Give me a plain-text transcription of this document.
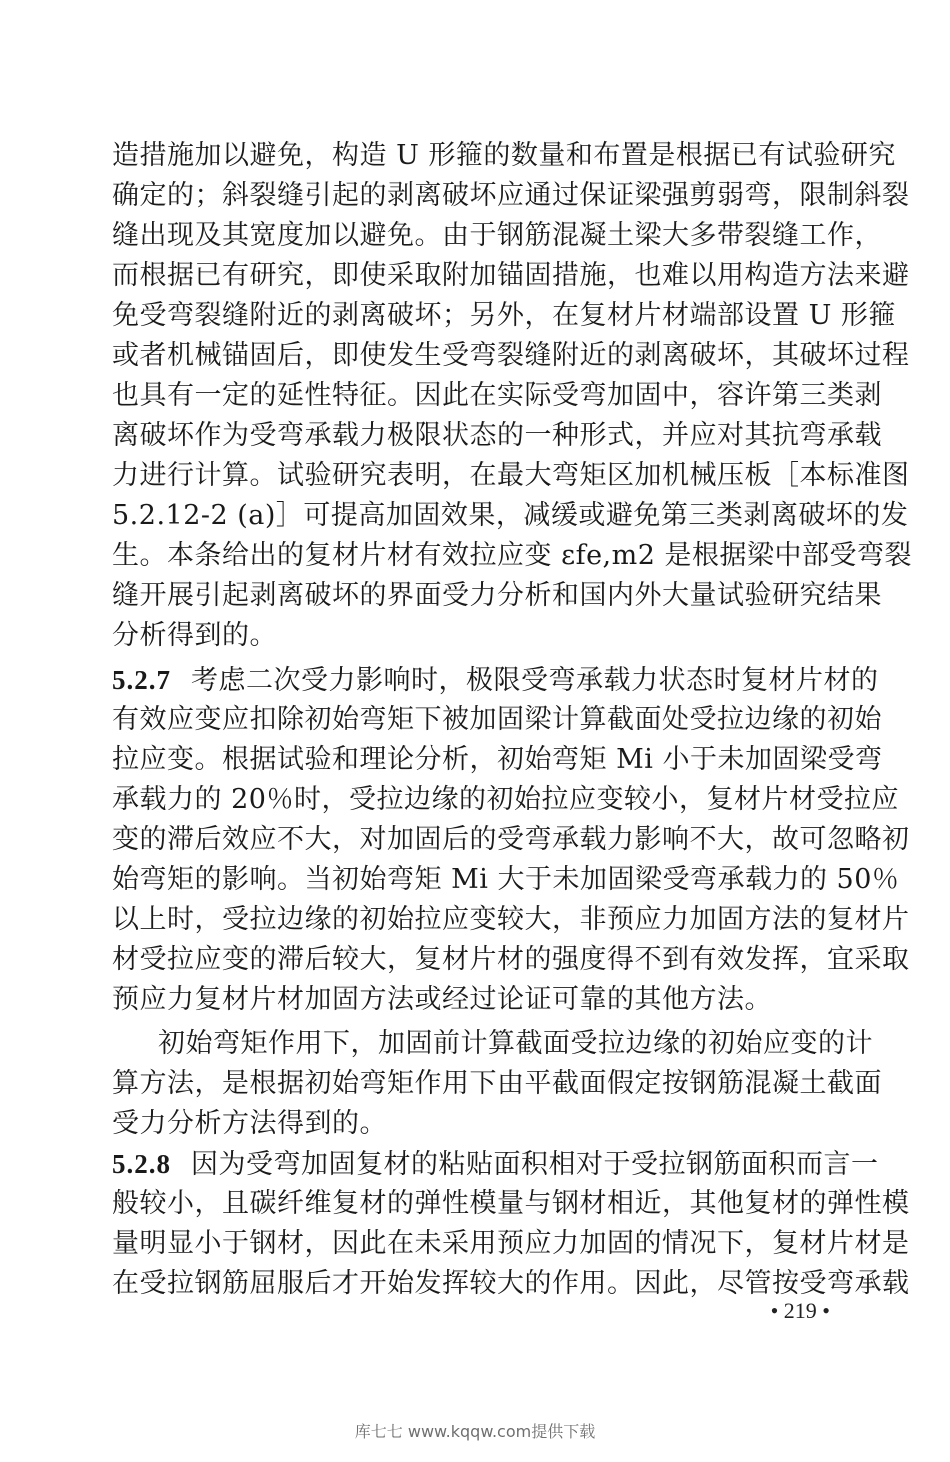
造措施加以避免，构造 U 形箍的数量和布置是根据已有试验研究
确定的；斜裂缝引起的剥离破坏应通过保证梁强剪弱弯，限制斜裂
缝出现及其宽度加以避免。由于钢筋混凝土梁大多带裂缝工作，
而根据已有研究，即使采取附加锚固措施，也难以用构造方法来避
免受弯裂缝附近的剥离破坏；另外，在复材片材端部设置 U 形箍
或者机械锚固后，即使发生受弯裂缝附近的剥离破坏，其破坏过程
也具有一定的延性特征。因此在实际受弯加固中，容许第三类剥
离破坏作为受弯承载力极限状态的一种形式，并应对其抗弯承载
力进行计算。试验研究表明，在最大弯矩区加机械压板［本标准图
5.2.12-2 (a)］可提高加固效果，减缓或避免第三类剥离破坏的发
生。本条给出的复材片材有效拉应变 εfe,m2 是根据梁中部受弯裂
缝开展引起剥离破坏的界面受力分析和国内外大量试验研究结果
分析得到的。
5.2.7 考虑二次受力影响时，极限受弯承载力状态时复材片材的
有效应变应扣除初始弯矩下被加固梁计算截面处受拉边缘的初始
拉应变。根据试验和理论分析，初始弯矩 Mi 小于未加固梁受弯
承载力的 20％时，受拉边缘的初始拉应变较小，复材片材受拉应
变的滞后效应不大，对加固后的受弯承载力影响不大，故可忽略初
始弯矩的影响。当初始弯矩 Mi 大于未加固梁受弯承载力的 50％
以上时，受拉边缘的初始拉应变较大，非预应力加固方法的复材片
材受拉应变的滞后较大，复材片材的强度得不到有效发挥，宜采取
预应力复材片材加固方法或经过论证可靠的其他方法。
初始弯矩作用下，加固前计算截面受拉边缘的初始应变的计
算方法，是根据初始弯矩作用下由平截面假定按钢筋混凝土截面
受力分析方法得到的。
5.2.8 因为受弯加固复材的粘贴面积相对于受拉钢筋面积而言一
般较小，且碳纤维复材的弹性模量与钢材相近，其他复材的弹性模
量明显小于钢材，因此在未采用预应力加固的情况下，复材片材是
在受拉钢筋屈服后才开始发挥较大的作用。因此，尽管按受弯承载
• 219 •
库七七 www.kqqw.com提供下载
